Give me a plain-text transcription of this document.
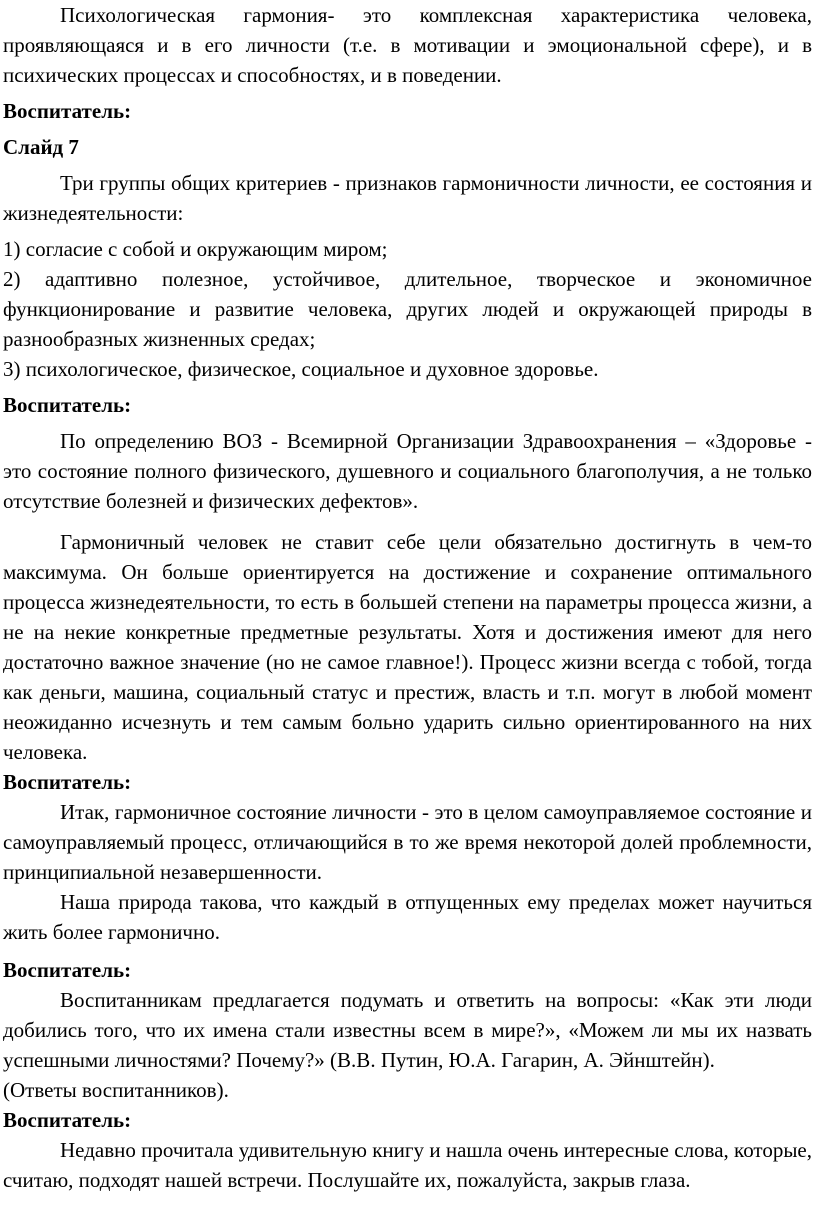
Психологическая гармония- это комплексная характеристика человека, проявляющаяся и в его личности (т.е. в мотивации и эмоциональной сфере), и в психических процессах и способностях, и в поведении.

Воспитатель:

Слайд 7

Три группы общих критериев - признаков гармоничности личности, ее состояния и жизнедеятельности:

1) согласие с собой и окружающим миром;

2) адаптивно полезное, устойчивое, длительное, творческое и экономичное функционирование и развитие человека, других людей и окружающей природы в разнообразных жизненных средах;

3) психологическое, физическое, социальное и духовное здоровье.

Воспитатель:

По определению ВОЗ - Всемирной Организации Здравоохранения – «Здоровье - это состояние полного физического, душевного и социального благополучия, а не только отсутствие болезней и физических дефектов».

Гармоничный человек не ставит себе цели обязательно достигнуть в чем-то максимума. Он больше ориентируется на достижение и сохранение оптимального процесса жизнедеятельности, то есть в большей степени на параметры процесса жизни, а не на некие конкретные предметные результаты. Хотя и достижения имеют для него достаточно важное значение (но не самое главное!). Процесс жизни всегда с тобой, тогда как деньги, машина, социальный статус и престиж, власть и т.п. могут в любой момент неожиданно исчезнуть и тем самым больно ударить сильно ориентированного на них человека.

Воспитатель:

Итак, гармоничное состояние личности - это в целом самоуправляемое состояние и самоуправляемый процесс, отличающийся в то же время некоторой долей проблемности, принципиальной незавершенности.

Наша природа такова, что каждый в отпущенных ему пределах может научиться жить более гармонично.

Воспитатель:

Воспитанникам предлагается подумать и ответить на вопросы: «Как эти люди добились того, что их имена стали известны всем в мире?», «Можем ли мы их назвать успешными личностями? Почему?» (В.В. Путин, Ю.А. Гагарин, А. Эйнштейн).

(Ответы воспитанников).

Воспитатель:

Недавно прочитала удивительную книгу и нашла очень интересные слова, которые, считаю, подходят нашей встречи. Послушайте их, пожалуйста, закрыв глаза.
